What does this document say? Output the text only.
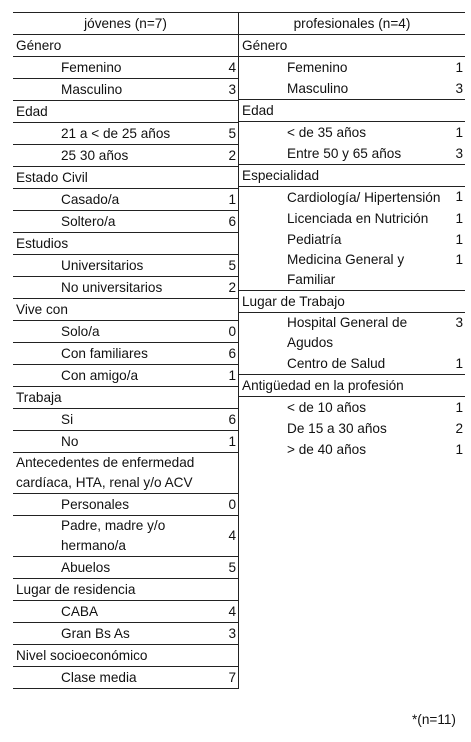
jóvenes (n=7)	
Género	
Femenino	4
Masculino	3
Edad	
21 a < de 25 años	5
25 30 años	2
Estado Civil	
Casado/a	1
Soltero/a	6
Estudios	
Universitarios	5
No universitarios	2
Vive con	
Solo/a	0
Con familiares	6
Con amigo/a	1
Trabaja	
Si	6
No	1
Antecedentes de enfermedad cardíaca, HTA, renal y/o ACV	
Personales	0
Padre, madre y/o hermano/a	4
Abuelos	5
Lugar de residencia	
CABA	4
Gran Bs As	3
Nivel socioeconómico	
Clase media	7
profesionales (n=4)	
Género	
Femenino	1
Masculino	3
Edad	
< de 35 años	1
Entre 50 y 65 años	3
Especialidad	
Cardiología/ Hipertensión	1
Licenciada en Nutrición	1
Pediatría	1
Medicina General y Familiar	1
Lugar de Trabajo	
Hospital General de Agudos	3
Centro de Salud	1
Antigüedad en la profesión	
< de 10 años	1
De 15 a 30 años	2
> de 40 años	1
*(n=11)
